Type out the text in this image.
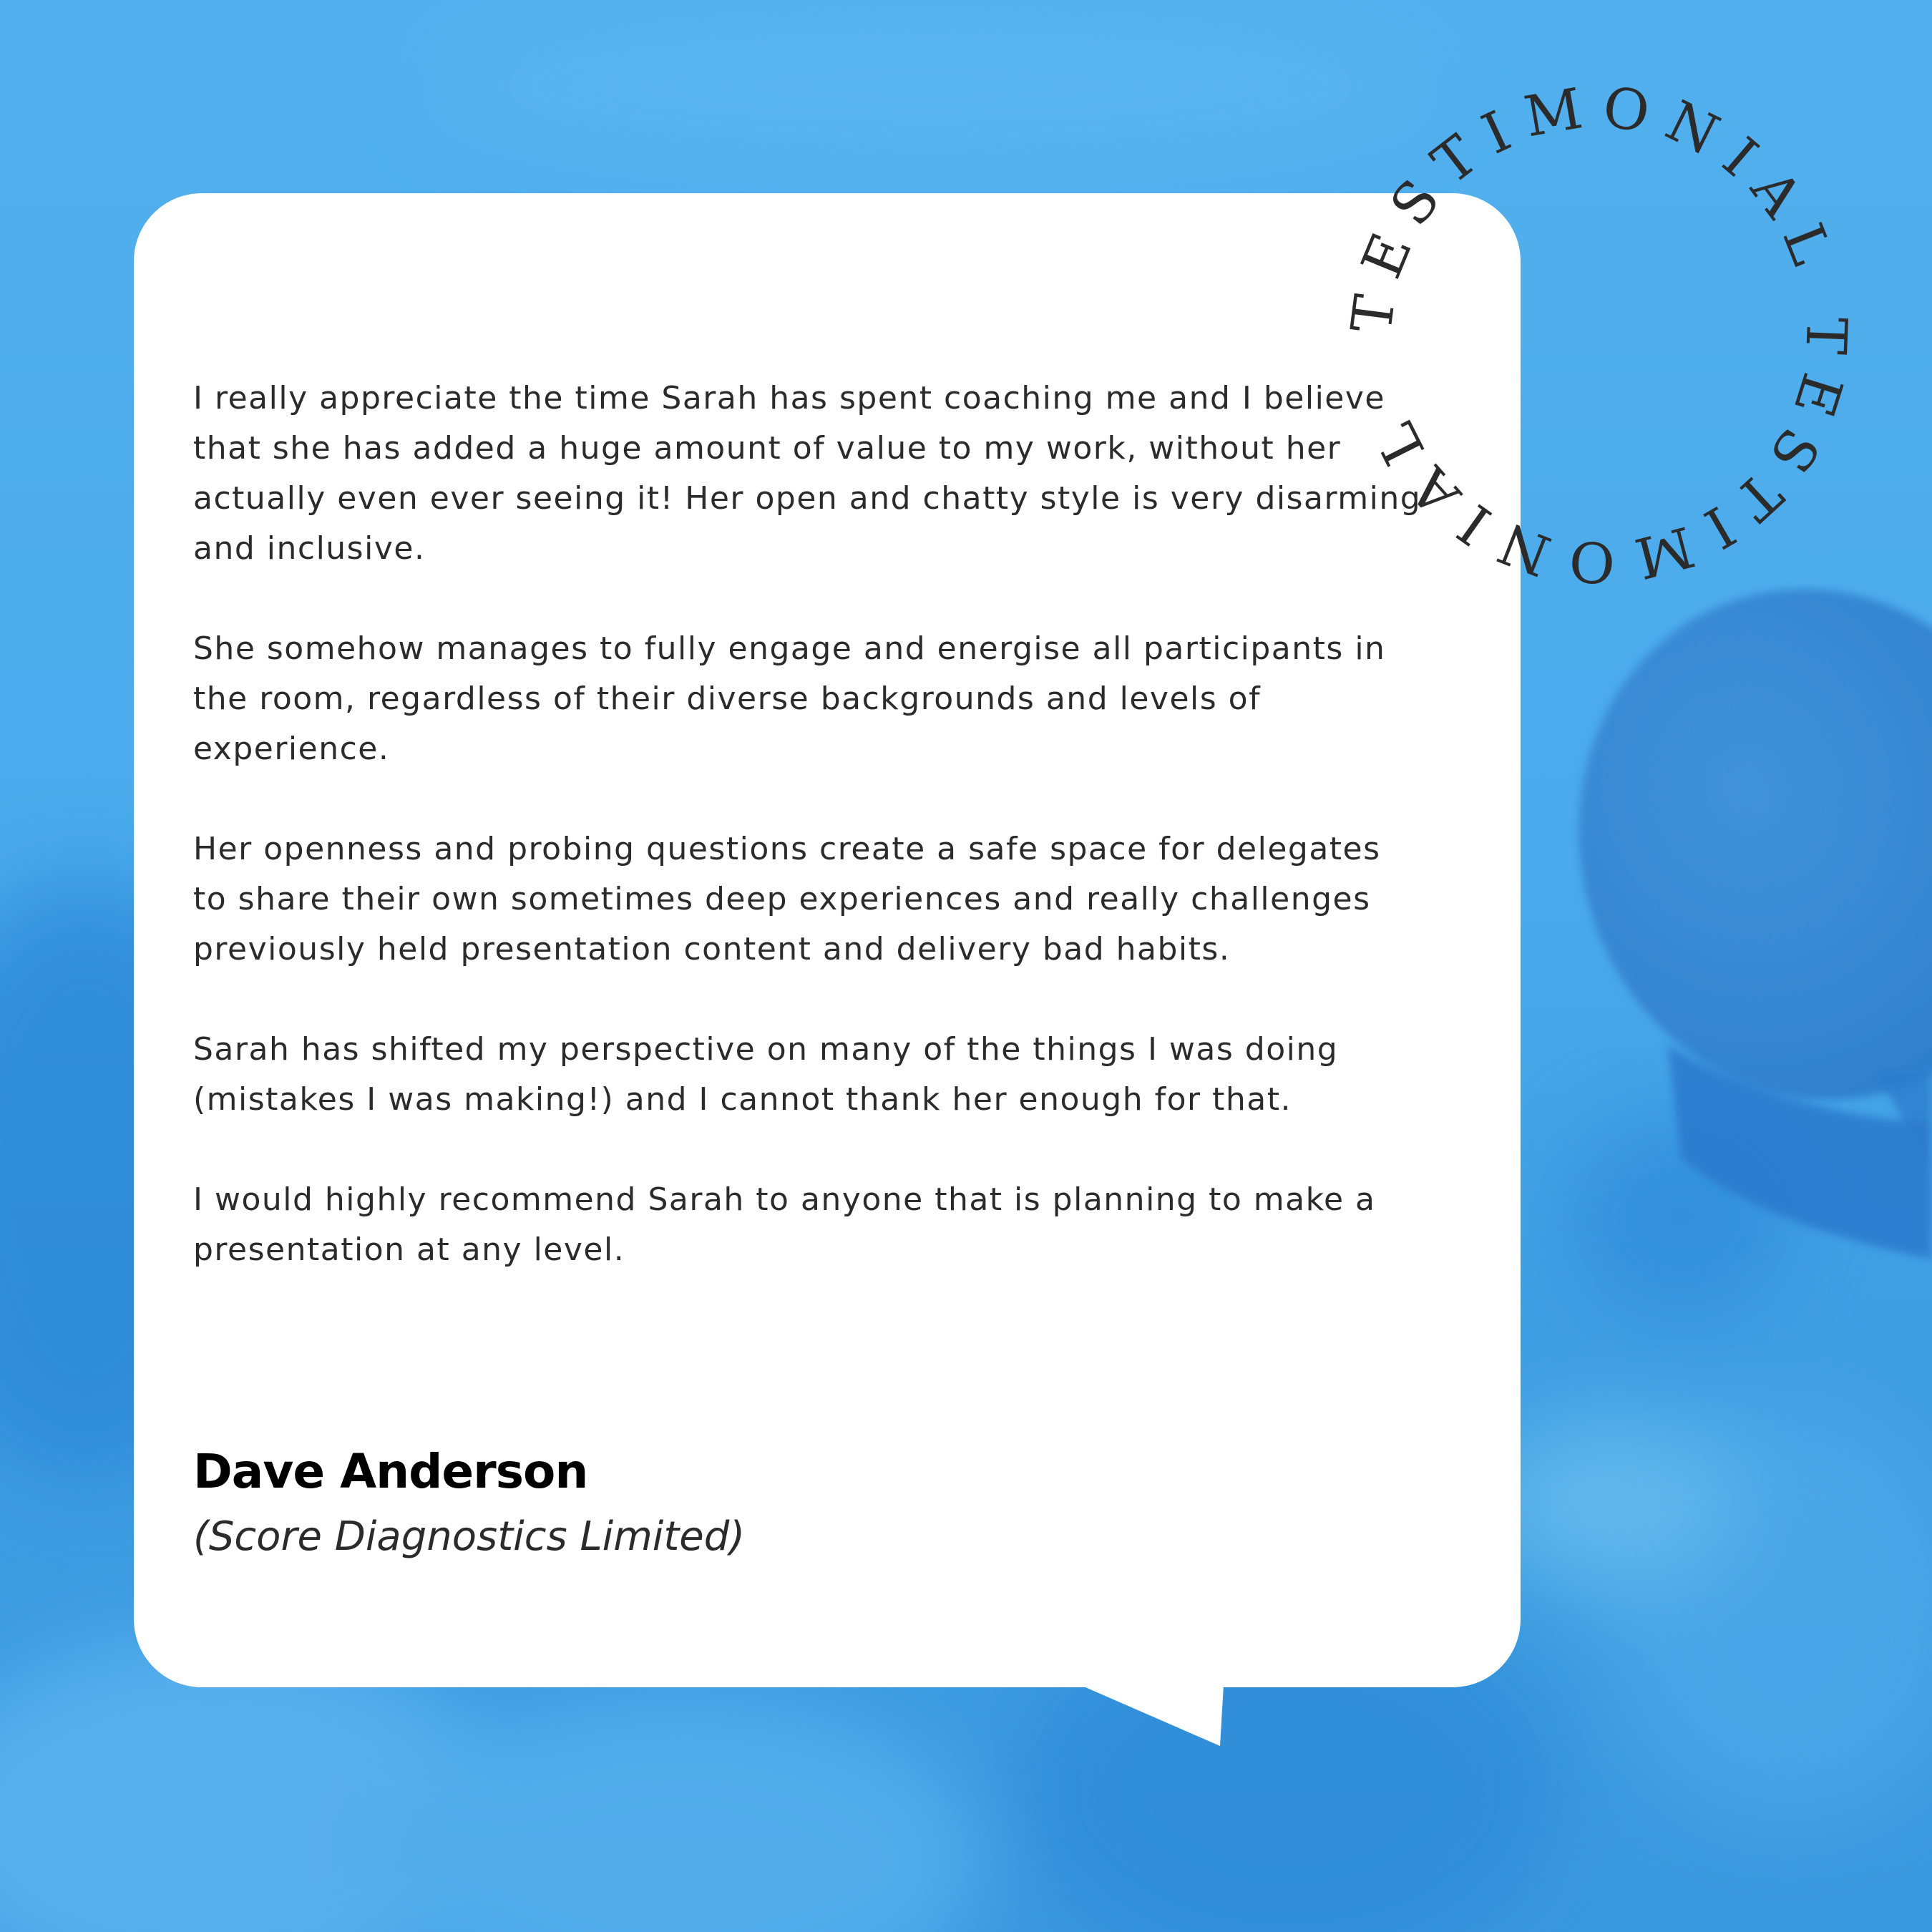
I really appreciate the time Sarah has spent coaching me and I believe that she has added a huge amount of value to my work, without her actually even ever seeing it! Her open and chatty style is very disarming and inclusive.

She somehow manages to fully engage and energise all participants in the room, regardless of their diverse backgrounds and levels of experience.

Her openness and probing questions create a safe space for delegates to share their own sometimes deep experiences and really challenges previously held presentation content and delivery bad habits.

Sarah has shifted my perspective on many of the things I was doing (mistakes I was making!) and I cannot thank her enough for that.

I would highly recommend Sarah to anyone that is planning to make a presentation at any level.

Dave Anderson
(Score Diagnostics Limited)
TESTIMONIAL TESTIMONIAL
